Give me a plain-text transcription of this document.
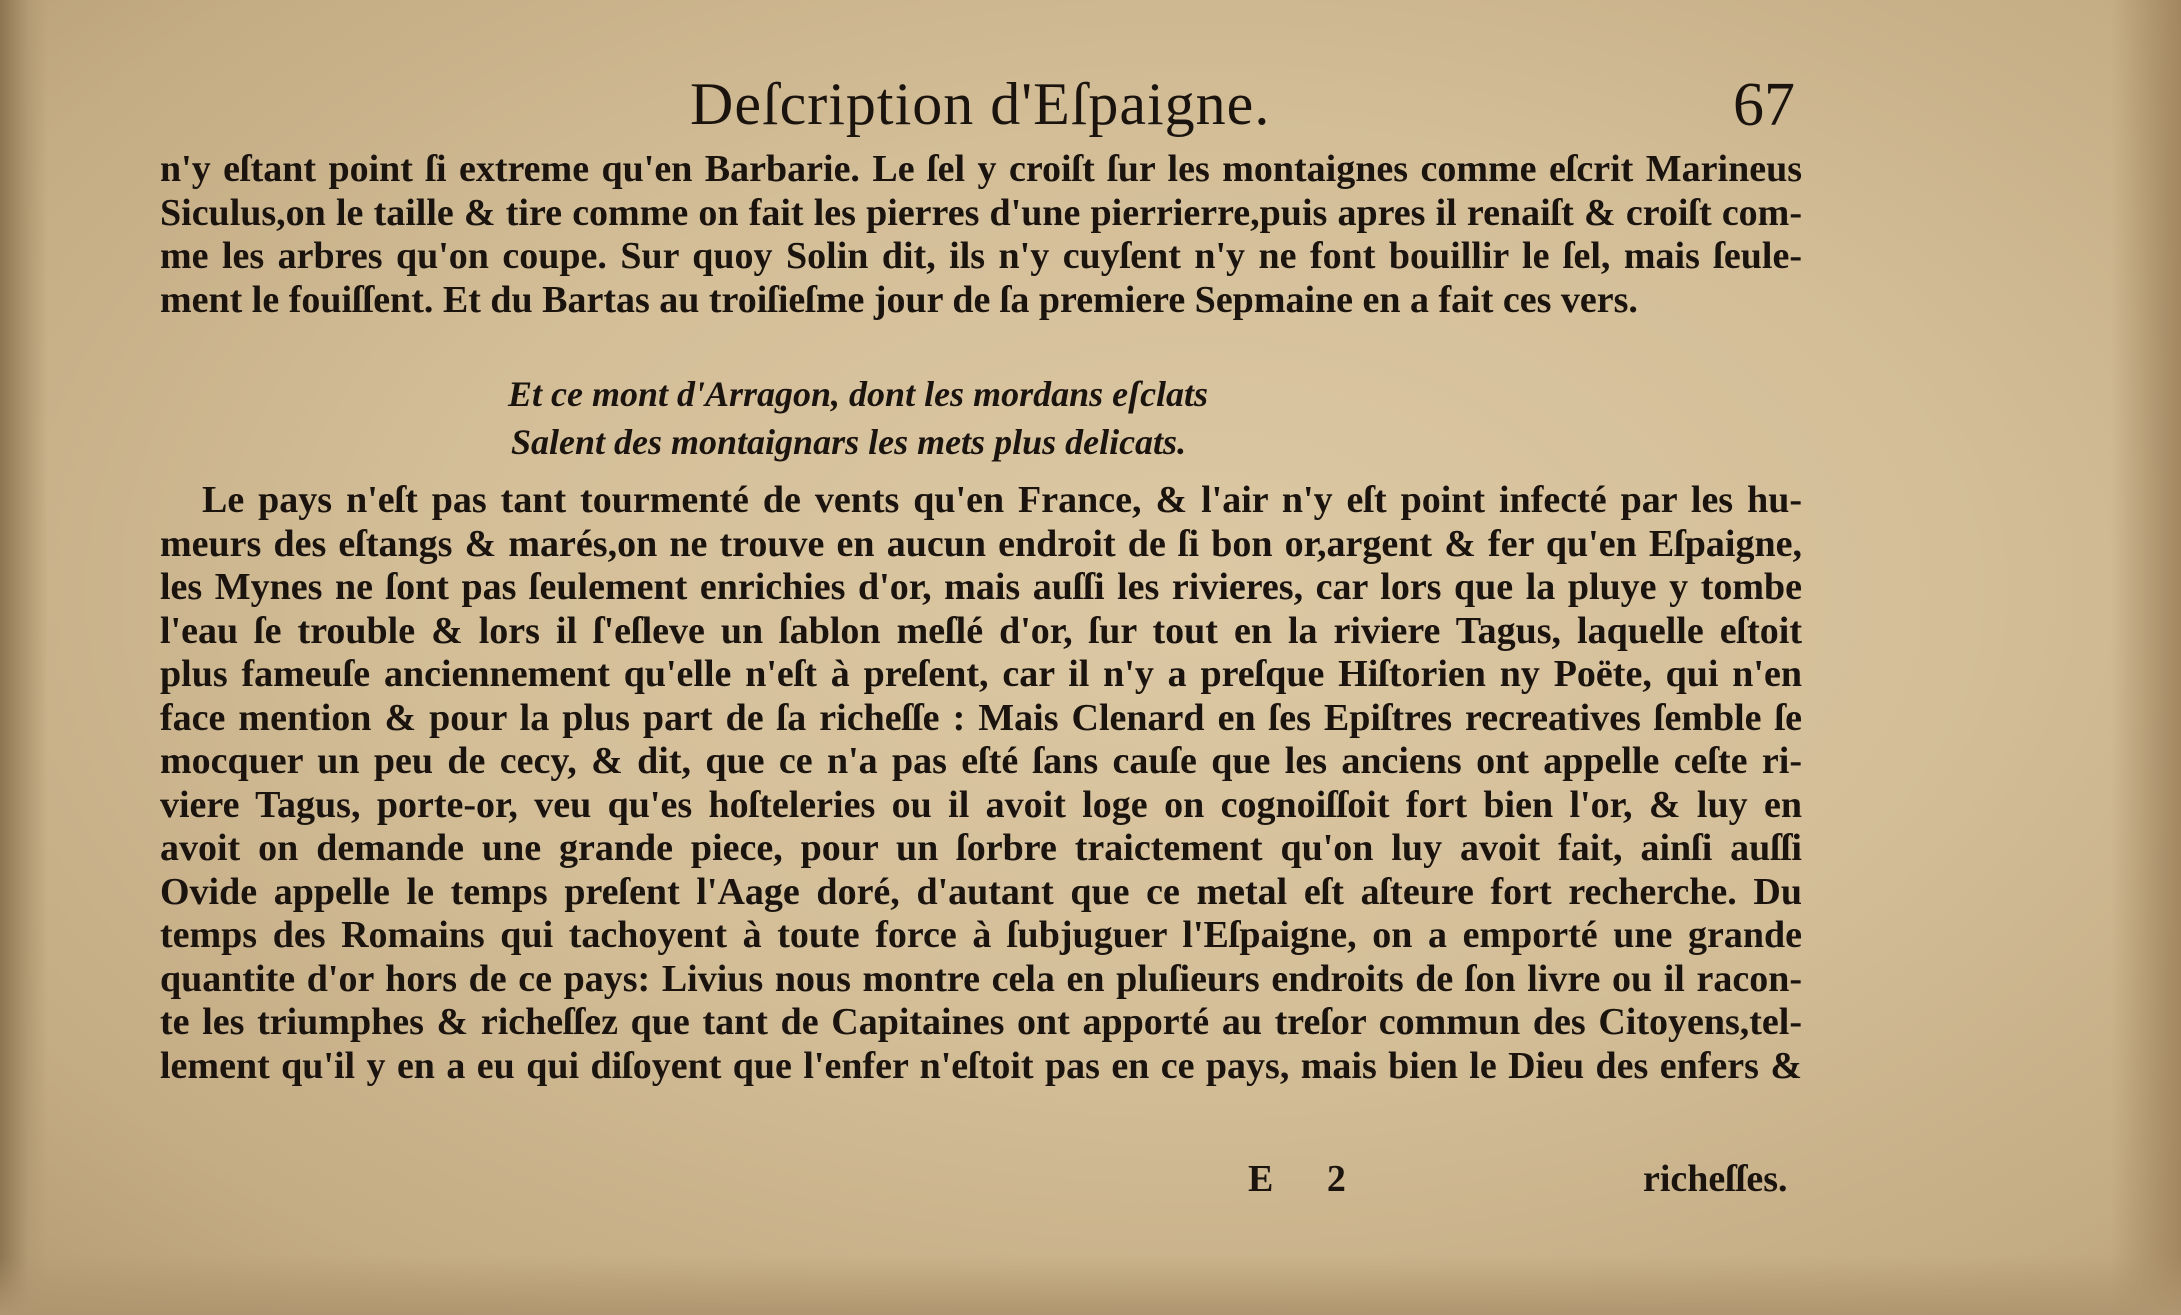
Deſcription d'Eſpaigne.	67
n'y eſtant point ſi extreme qu'en Barbarie. Le ſel y croiſt ſur les montaignes comme eſcrit Marineus
Siculus,on le taille & tire comme on fait les pierres d'une pierrierre,puis apres il renaiſt & croiſt com-
me les arbres qu'on coupe. Sur quoy Solin dit, ils n'y cuyſent n'y ne font bouillir le ſel, mais ſeule-
ment le fouiſſent. Et du Bartas au troiſieſme jour de ſa premiere Sepmaine en a fait ces vers.
Et ce mont d'Arragon, dont les mordans eſclats
Salent des montaignars les mets plus delicats.
Le pays n'eſt pas tant tourmenté de vents qu'en France, & l'air n'y eſt point infecté par les hu-
meurs des eſtangs & marés,on ne trouve en aucun endroit de ſi bon or,argent & fer qu'en Eſpaigne,
les Mynes ne ſont pas ſeulement enrichies d'or, mais auſſi les rivieres, car lors que la pluye y tombe
l'eau ſe trouble & lors il ſ'eſleve un ſablon meſlé d'or, ſur tout en la riviere Tagus, laquelle eſtoit
plus fameuſe anciennement qu'elle n'eſt à preſent, car il n'y a preſque Hiſtorien ny Poëte, qui n'en
face mention & pour la plus part de ſa richeſſe : Mais Clenard en ſes Epiſtres recreatives ſemble ſe
mocquer un peu de cecy, & dit, que ce n'a pas eſté ſans cauſe que les anciens ont appelle ceſte ri-
viere Tagus, porte-or, veu qu'es hoſteleries ou il avoit loge on cognoiſſoit fort bien l'or, & luy en
avoit on demande une grande piece, pour un ſorbre traictement qu'on luy avoit fait, ainſi auſſi
Ovide appelle le temps preſent l'Aage doré, d'autant que ce metal eſt aſteure fort recherche. Du
temps des Romains qui tachoyent à toute force à ſubjuguer l'Eſpaigne, on a emporté une grande
quantite d'or hors de ce pays: Livius nous montre cela en pluſieurs endroits de ſon livre ou il racon-
te les triumphes & richeſſez que tant de Capitaines ont apporté au treſor commun des Citoyens,tel-
lement qu'il y en a eu qui diſoyent que l'enfer n'eſtoit pas en ce pays, mais bien le Dieu des enfers &
E 2	richeſſes.
